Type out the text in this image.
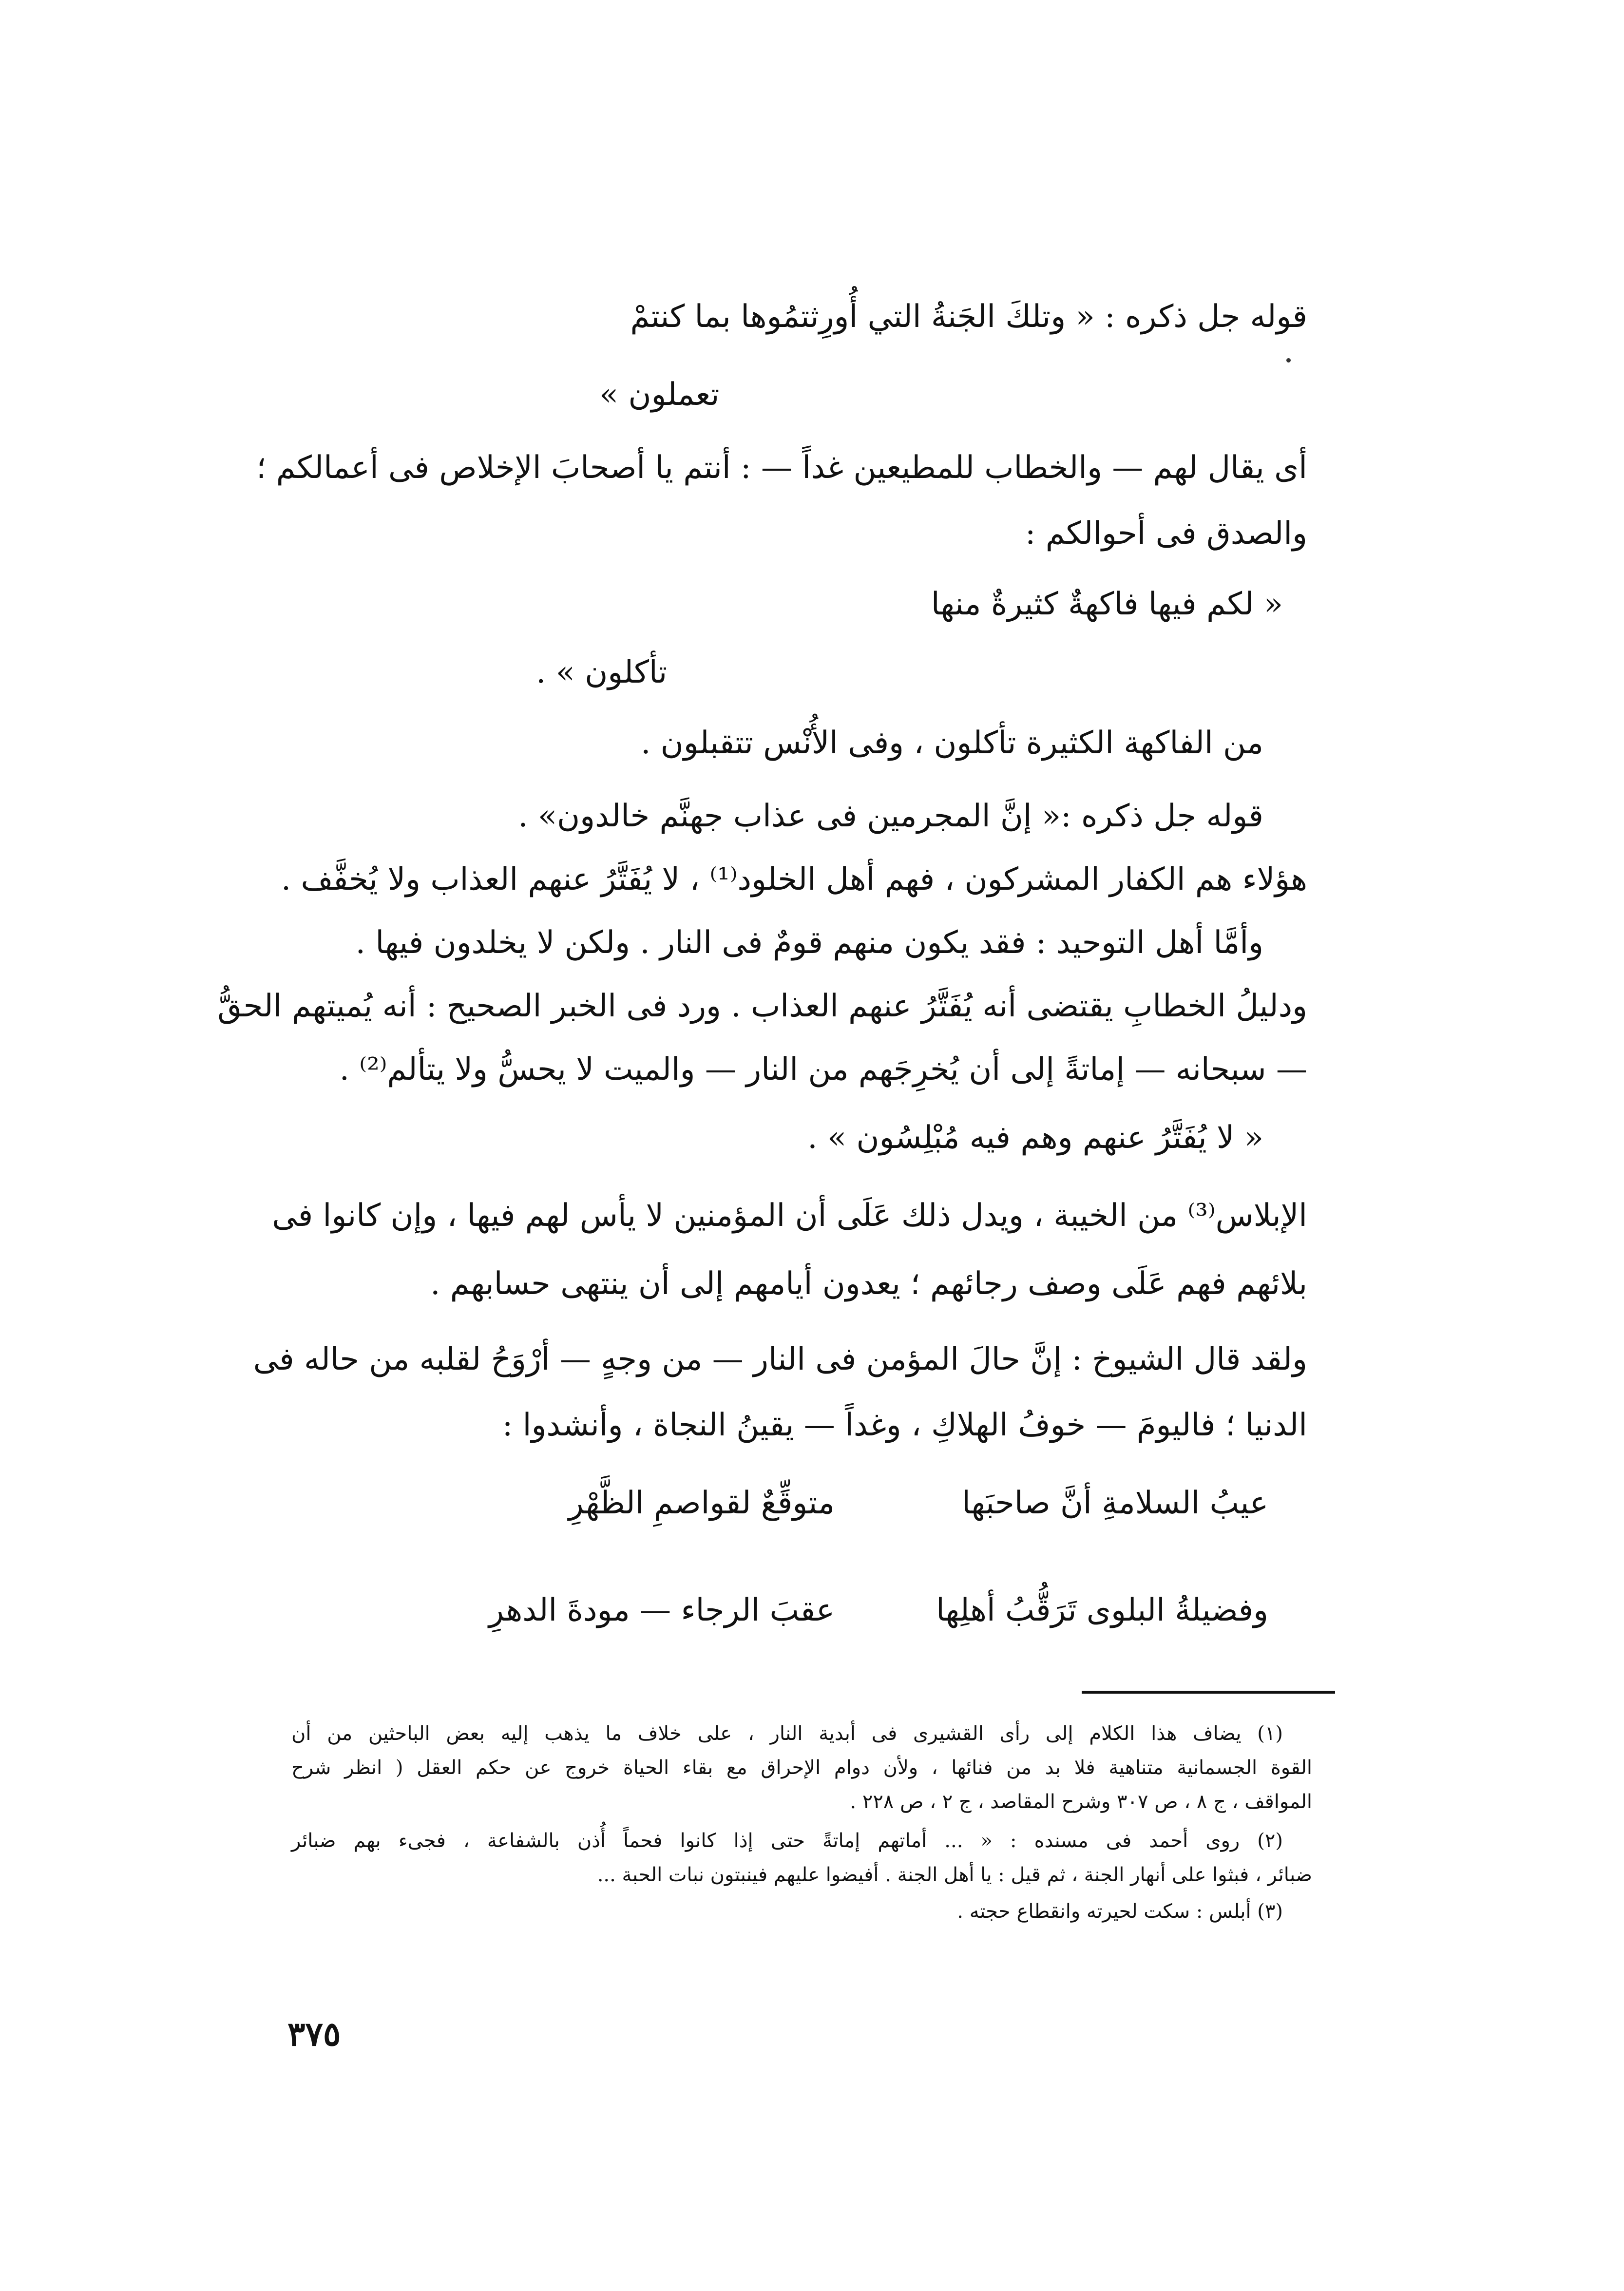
قوله جل ذكره : « وتلكَ الجَنةُ التي أُورِثتمُوها بما كنتمْ
تعملون »
أى يقال لهم — والخطاب للمطيعين غداً — : أنتم يا أصحابَ الإخلاص فى أعمالكم ؛
والصدق فى أحوالكم :
« لكم فيها فاكهةٌ كثيرةٌ منها
تأكلون » .
من الفاكهة الكثيرة تأكلون ، وفى الأُنْس تتقبلون .
قوله جل ذكره :« إنَّ المجرمين فى عذاب جهنَّم خالدون» .
هؤلاء هم الكفار المشركون ، فهم أهل الخلود⁽¹⁾ ، لا يُفَتَّرُ عنهم العذاب ولا يُخفَّف .
وأمَّا أهل التوحيد : فقد يكون منهم قومٌ فى النار . ولكن لا يخلدون فيها .
ودليلُ الخطابِ يقتضى أنه يُفَتَّرُ عنهم العذاب . ورد فى الخبر الصحيح : أنه يُميتهم الحقُّ
— سبحانه — إماتةً إلى أن يُخرِجَهم من النار — والميت لا يحسُّ ولا يتألم⁽²⁾ .
« لا يُفَتَّرُ عنهم وهم فيه مُبْلِسُون » .
الإبلاس⁽³⁾ من الخيبة ، ويدل ذلك عَلَى أن المؤمنين لا يأس لهم فيها ، وإن كانوا فى
بلائهم فهم عَلَى وصف رجائهم ؛ يعدون أيامهم إلى أن ينتهى حسابهم .
ولقد قال الشيوخ : إنَّ حالَ المؤمن فى النار — من وجهٍ — أرْوَحُ لقلبه من حاله فى
الدنيا ؛ فاليومَ — خوفُ الهلاكِ ، وغداً — يقينُ النجاة ، وأنشدوا :
عيبُ السلامةِ أنَّ صاحبَها
متوقِّعٌ لقواصمِ الظَّهْرِ
وفضيلةُ البلوى تَرَقُّبُ أهلِها
عقبَ الرجاء — مودةَ الدهرِ
(١) يضاف هذا الكلام إلى رأى القشيرى فى أبدية النار ، على خلاف ما يذهب إليه بعض الباحثين من أن
القوة الجسمانية متناهية فلا بد من فنائها ، ولأن دوام الإحراق مع بقاء الحياة خروج عن حكم العقل ( انظر شرح
المواقف ، ج ٨ ، ص ٣٠٧ وشرح المقاصد ، ج ٢ ، ص ٢٢٨ .
(٢) روى أحمد فى مسنده : « ... أماتهم إماتةً حتى إذا كانوا فحماً أُذن بالشفاعة ، فجىء بهم ضبائر
ضبائر ، فبثوا على أنهار الجنة ، ثم قيل : يا أهل الجنة . أفيضوا عليهم فينبتون نبات الحبة ...
(٣) أبلس : سكت لحيرته وانقطاع حجته .
٣٧٥
